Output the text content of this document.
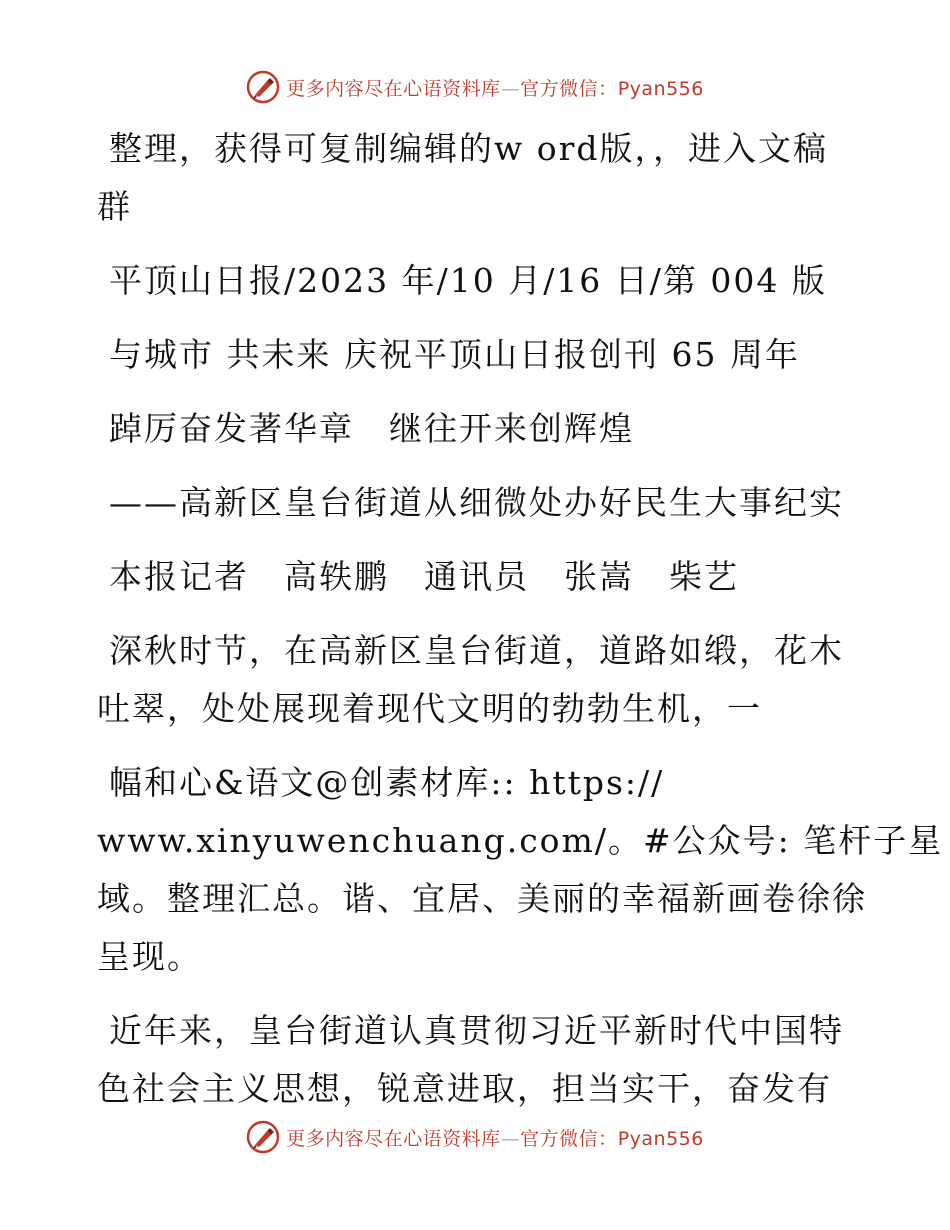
更多内容尽在心语资料库—官方微信：Pyan556
整理，获得可复制编辑的w ord版，，进入文稿
群
平顶山日报/2023 年/10 月/16 日/第 004 版
与城市 共未来 庆祝平顶山日报创刊 65 周年
踔厉奋发著华章　继往开来创辉煌
——高新区皇台街道从细微处办好民生大事纪实
本报记者　高轶鹏　通讯员　张嵩　柴艺
深秋时节，在高新区皇台街道，道路如缎，花木
吐翠，处处展现着现代文明的勃勃生机，一
幅和心&语文@创素材库:: https://
www.xinyuwenchuang.com/。#公众号: 笔杆子星
域。整理汇总。谐、宜居、美丽的幸福新画卷徐徐
呈现。
近年来，皇台街道认真贯彻习近平新时代中国特
色社会主义思想，锐意进取，担当实干，奋发有
更多内容尽在心语资料库—官方微信：Pyan556
